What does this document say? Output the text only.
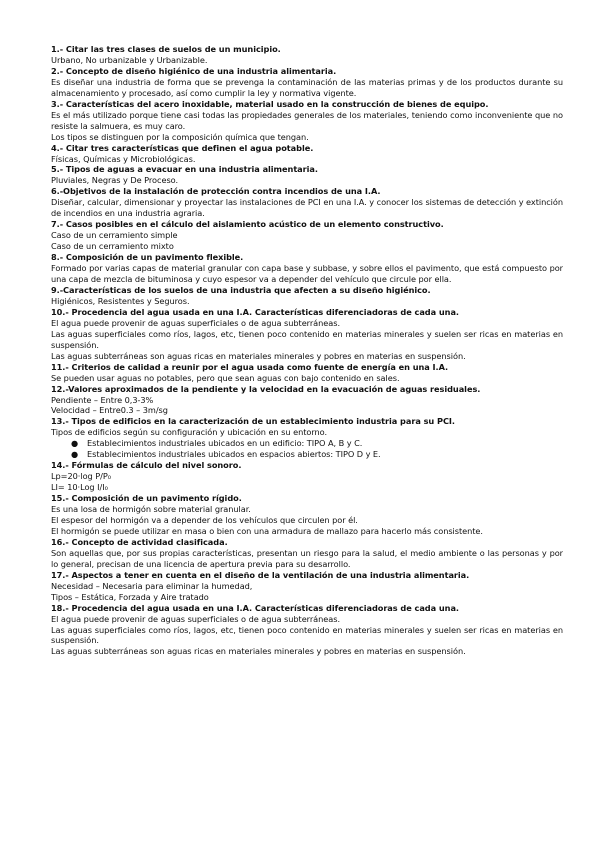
1.- Citar las tres clases de suelos de un municipio.

Urbano, No urbanizable y Urbanizable.

2.- Concepto de diseño higiénico de una industria alimentaria.

Es diseñar una industria de forma que se prevenga la contaminación de las materias primas y de los productos durante su almacenamiento y procesado, así como cumplir la ley y normativa vigente.

3.- Características del acero inoxidable, material usado en la construcción de bienes de equipo.

Es el más utilizado porque tiene casi todas las propiedades generales de los materiales, teniendo como inconveniente que no resiste la salmuera, es muy caro.

Los tipos se distinguen por la composición química que tengan.

4.- Citar tres características que definen el agua potable.

Físicas, Químicas y Microbiológicas.

5.- Tipos de aguas a evacuar en una industria alimentaria.

Pluviales, Negras y De Proceso.

6.-Objetivos de la instalación de protección contra incendios de una I.A.

Diseñar, calcular, dimensionar y proyectar las instalaciones de PCI en una I.A. y conocer los sistemas de detección y extinción de incendios en una industria agraria.

7.- Casos posibles en el cálculo del aislamiento acústico de un elemento constructivo.

Caso de un cerramiento simple

Caso de un cerramiento mixto

8.- Composición de un pavimento flexible.

Formado por varias capas de material granular con capa base y subbase, y sobre ellos el pavimento, que está compuesto por una capa de mezcla de bituminosa y cuyo espesor va a depender del vehículo que circule por ella.

9.-Características de los suelos de una industria que afecten a su diseño higiénico.

Higiénicos, Resistentes y Seguros.

10.- Procedencia del agua usada en una I.A. Características diferenciadoras de cada una.

El agua puede provenir de aguas superficiales o de agua subterráneas.

Las aguas superficiales como ríos, lagos, etc, tienen poco contenido en materias minerales y suelen ser ricas en materias en suspensión.

Las aguas subterráneas son aguas ricas en materiales minerales y pobres en materias en suspensión.

11.- Criterios de calidad a reunir por el agua usada como fuente de energía en una I.A.

Se pueden usar aguas no potables, pero que sean aguas con bajo contenido en sales.

12.-Valores aproximados de la pendiente y la velocidad en la evacuación de aguas residuales.

Pendiente – Entre 0,3-3%

Velocidad – Entre0.3 – 3m/sg

13.- Tipos de edificios en la caracterización de un establecimiento industria para su PCI.

Tipos de edificios según su configuración y ubicación en su entorno.

● Establecimientos industriales ubicados en un edificio: TIPO A, B y C.
● Establecimientos industriales ubicados en espacios abiertos: TIPO D y E.
14.- Fórmulas de cálculo del nivel sonoro.

Lp=20·log P/P₀

LI= 10·Log I/I₀

15.- Composición de un pavimento rígido.

Es una losa de hormigón sobre material granular.

El espesor del hormigón va a depender de los vehículos que circulen por él.

El hormigón se puede utilizar en masa o bien con una armadura de mallazo para hacerlo más consistente.

16.- Concepto de actividad clasificada.

Son aquellas que, por sus propias características, presentan un riesgo para la salud, el medio ambiente o las personas y por lo general, precisan de una licencia de apertura previa para su desarrollo.

17.- Aspectos a tener en cuenta en el diseño de la ventilación de una industria alimentaria.

Necesidad – Necesaria para eliminar la humedad,

Tipos – Estática, Forzada y Aire tratado

18.- Procedencia del agua usada en una I.A. Características diferenciadoras de cada una.

El agua puede provenir de aguas superficiales o de agua subterráneas.

Las aguas superficiales como ríos, lagos, etc, tienen poco contenido en materias minerales y suelen ser ricas en materias en suspensión.

Las aguas subterráneas son aguas ricas en materiales minerales y pobres en materias en suspensión.
